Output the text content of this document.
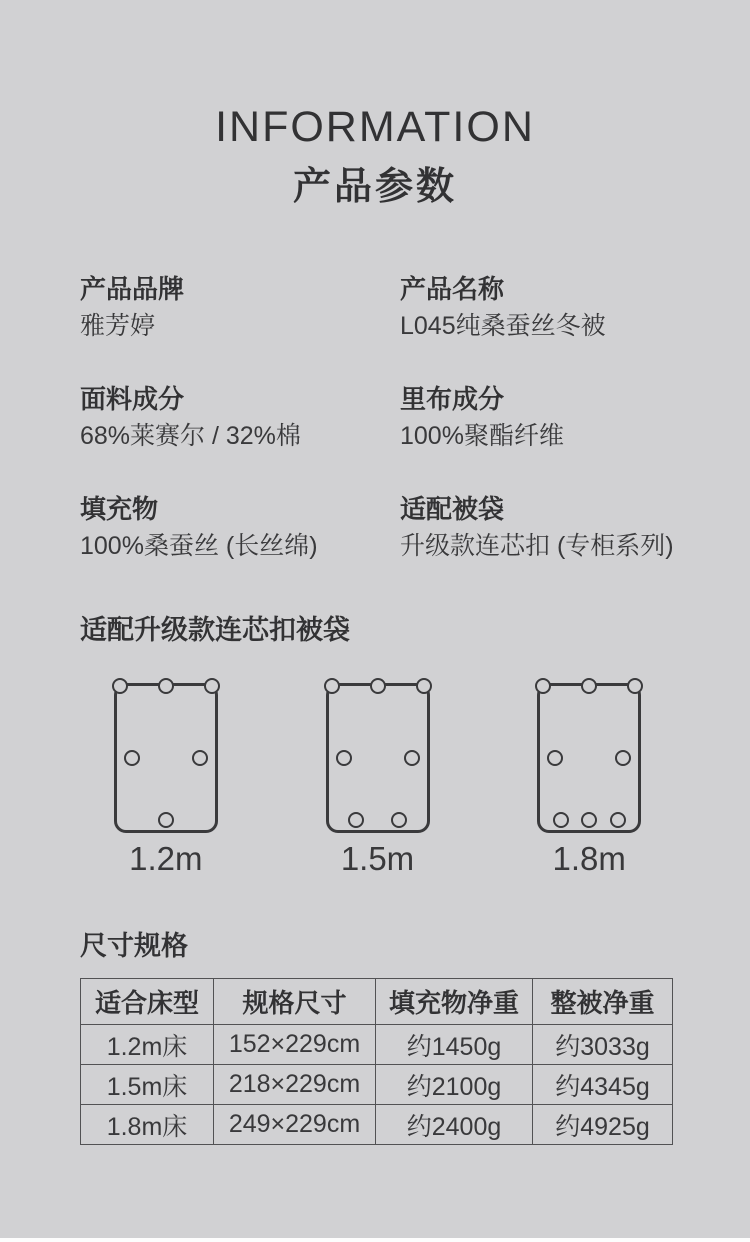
INFORMATION
产品参数
产品品牌
雅芳婷
产品名称
L045纯桑蚕丝冬被
面料成分
68%莱赛尔 / 32%棉
里布成分
100%聚酯纤维
填充物
100%桑蚕丝 (长丝绵)
适配被袋
升级款连芯扣 (专柜系列)
适配升级款连芯扣被袋
1.2m	1.5m	1.8m
尺寸规格
适合床型	规格尺寸	填充物净重	整被净重
1.2m床	152×229cm	约1450g	约3033g
1.5m床	218×229cm	约2100g	约4345g
1.8m床	249×229cm	约2400g	约4925g
